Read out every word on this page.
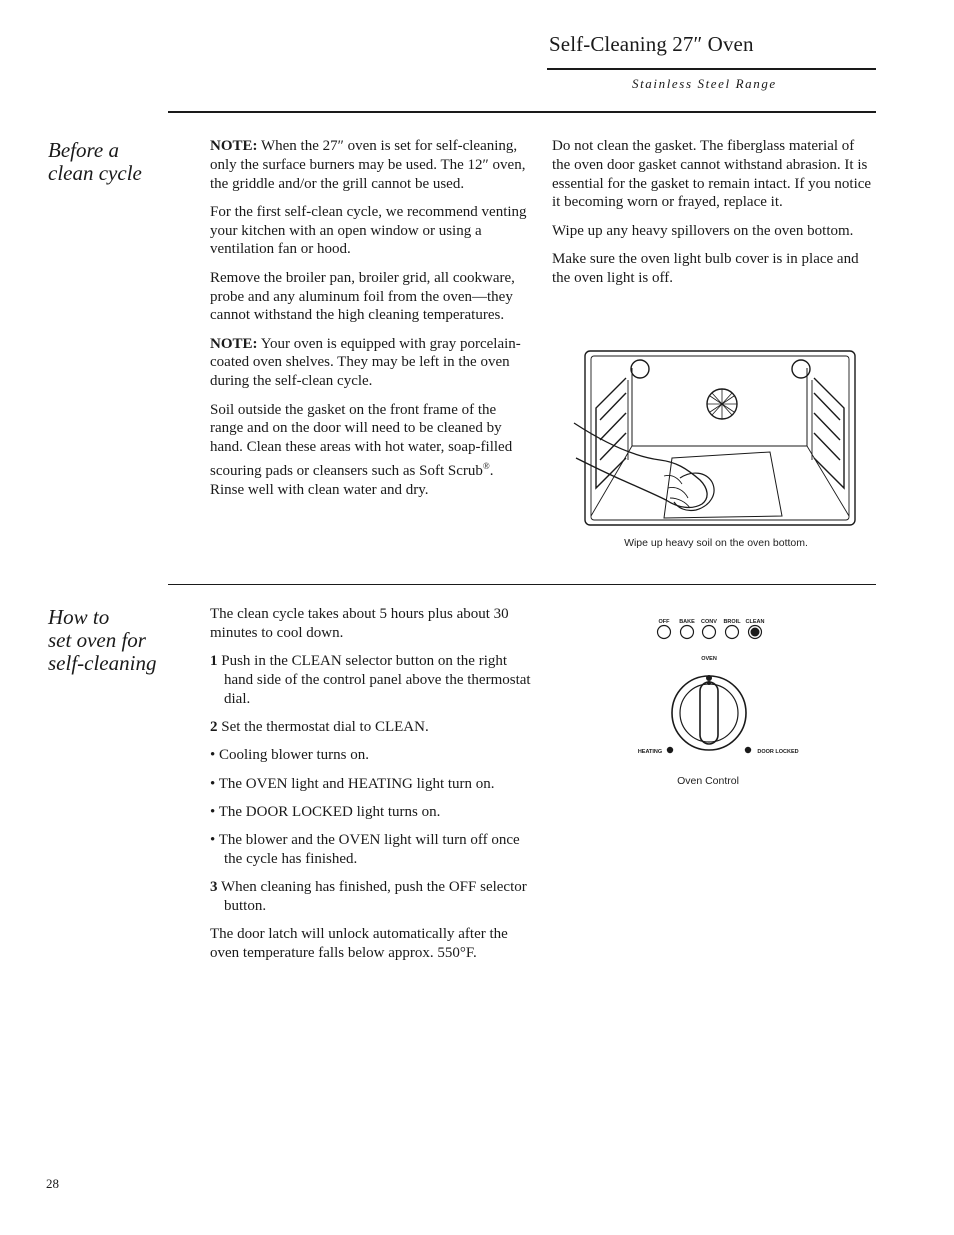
Self-Cleaning 27″ Oven
Stainless Steel Range
Before a
clean cycle

NOTE: When the 27″ oven is set for self-cleaning, only the surface burners may be used. The 12″ oven, the griddle and/or the grill cannot be used.

For the first self-clean cycle, we recommend venting your kitchen with an open window or using a ventilation fan or hood.

Remove the broiler pan, broiler grid, all cookware, probe and any aluminum foil from the oven—they cannot withstand the high cleaning temperatures.

NOTE: Your oven is equipped with gray porcelain-coated oven shelves. They may be left in the oven during the self-clean cycle.

Soil outside the gasket on the front frame of the range and on the door will need to be cleaned by hand. Clean these areas with hot water, soap-filled scouring pads or cleansers such as Soft Scrub®. Rinse well with clean water and dry.

Do not clean the gasket. The fiberglass material of the oven door gasket cannot withstand abrasion. It is essential for the gasket to remain intact. If you notice it becoming worn or frayed, replace it.

Wipe up any heavy spillovers on the oven bottom.

Make sure the oven light bulb cover is in place and the oven light is off.

Wipe up heavy soil on the oven bottom.
How to
set oven for
self-cleaning

The clean cycle takes about 5 hours plus about 30 minutes to cool down.

1 Push in the CLEAN selector button on the right hand side of the control panel above the thermostat dial.

2 Set the thermostat dial to CLEAN.

• Cooling blower turns on.

• The OVEN light and HEATING light turn on.

• The DOOR LOCKED light turns on.

• The blower and the OVEN light will turn off once the cycle has finished.

3 When cleaning has finished, push the OFF selector button.

The door latch will unlock automatically after the oven temperature falls below approx. 550°F.

OFF BAKE CONV BROIL CLEAN
OVEN
HEATING	DOOR LOCKED
Oven Control
28
